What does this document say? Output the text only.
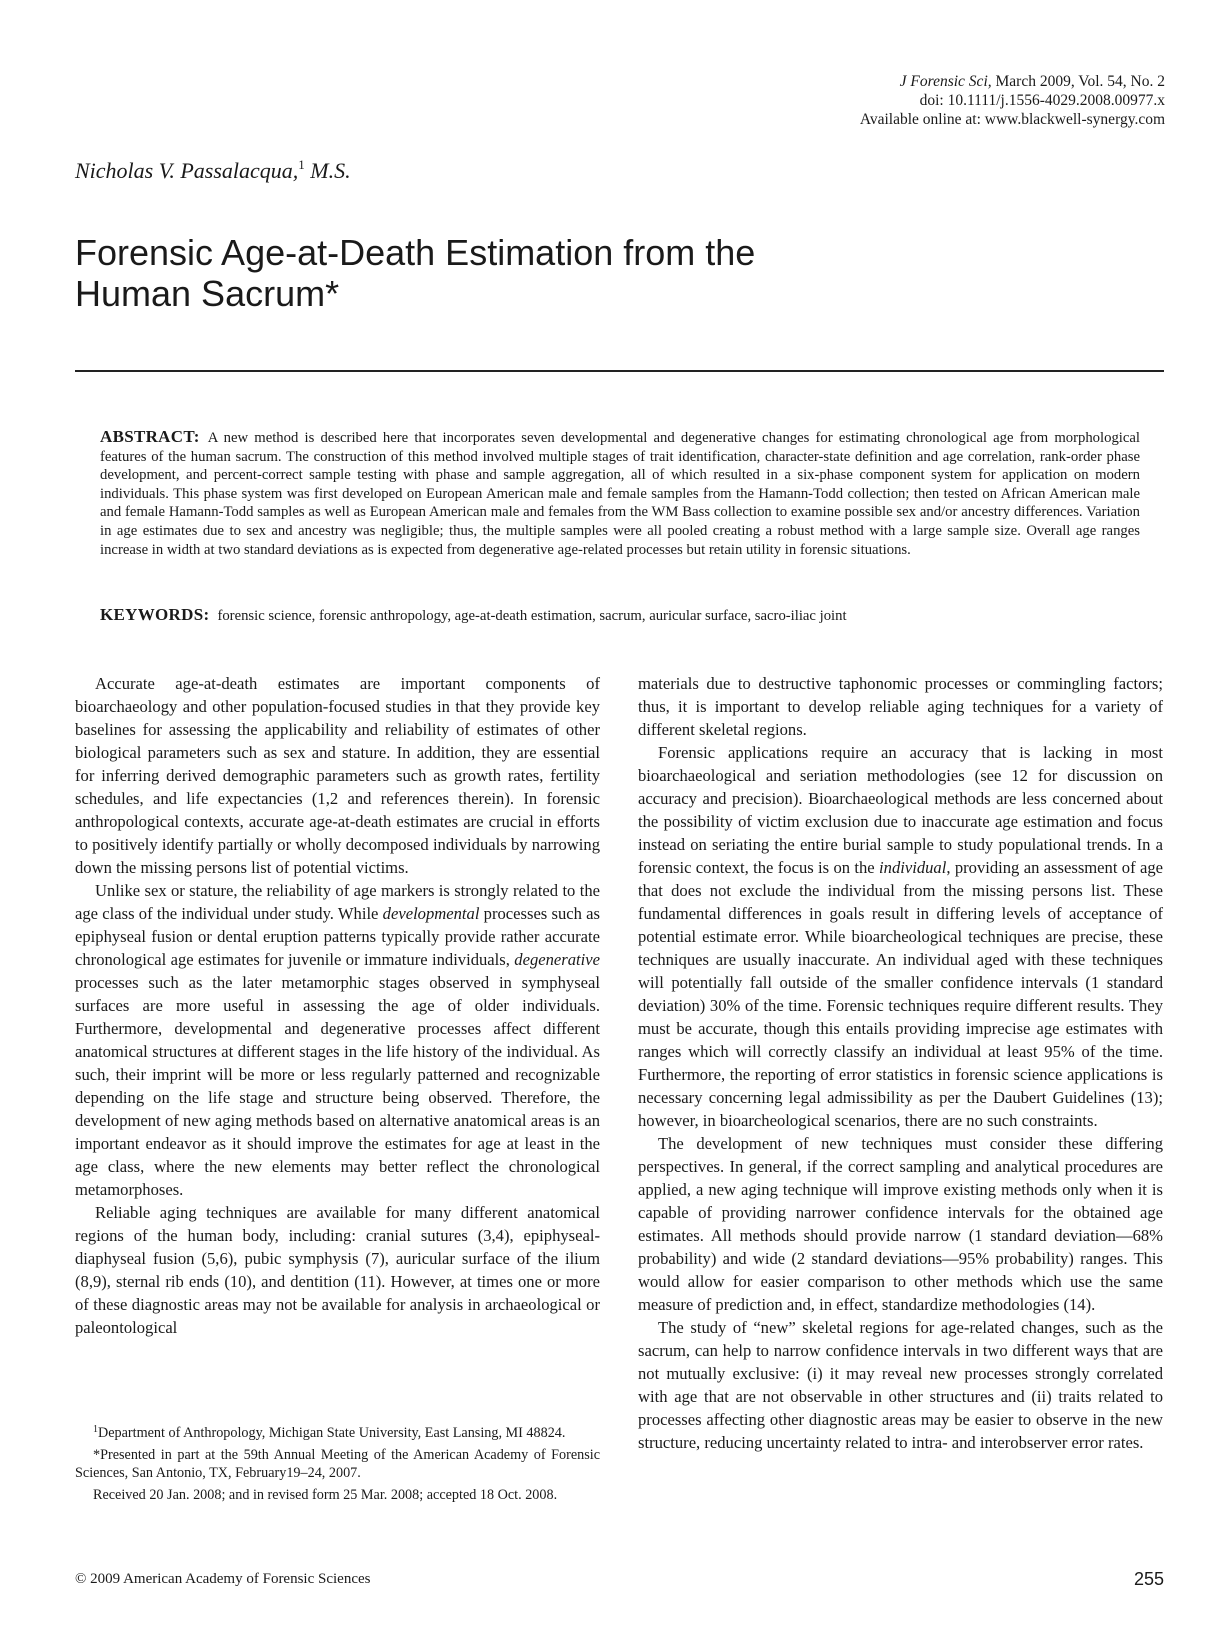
J Forensic Sci, March 2009, Vol. 54, No. 2
doi: 10.1111/j.1556-4029.2008.00977.x
Available online at: www.blackwell-synergy.com
Nicholas V. Passalacqua,$^1$ M.S.
Forensic Age-at-Death Estimation from the
Human Sacrum*

ABSTRACT: A new method is described here that incorporates seven developmental and degenerative changes for estimating chronological age from morphological features of the human sacrum. The construction of this method involved multiple stages of trait identification, character-state definition and age correlation, rank-order phase development, and percent-correct sample testing with phase and sample aggregation, all of which resulted in a six-phase component system for application on modern individuals. This phase system was first developed on European American male and female samples from the Hamann-Todd collection; then tested on African American male and female Hamann-Todd samples as well as European American male and females from the WM Bass collection to examine possible sex and/or ancestry differences. Variation in age estimates due to sex and ancestry was negligible; thus, the multiple samples were all pooled creating a robust method with a large sample size. Overall age ranges increase in width at two standard deviations as is expected from degenerative age-related processes but retain utility in forensic situations.

KEYWORDS: forensic science, forensic anthropology, age-at-death estimation, sacrum, auricular surface, sacro-iliac joint

Accurate age-at-death estimates are important components of bioarchaeology and other population-focused studies in that they provide key baselines for assessing the applicability and reliability of estimates of other biological parameters such as sex and stature. In addition, they are essential for inferring derived demographic parameters such as growth rates, fertility schedules, and life expectancies (1,2 and references therein). In forensic anthropological contexts, accurate age-at-death estimates are crucial in efforts to positively identify partially or wholly decomposed individuals by narrowing down the missing persons list of potential victims.

Unlike sex or stature, the reliability of age markers is strongly related to the age class of the individual under study. While developmental processes such as epiphyseal fusion or dental eruption patterns typically provide rather accurate chronological age estimates for juvenile or immature individuals, degenerative processes such as the later metamorphic stages observed in symphyseal surfaces are more useful in assessing the age of older individuals. Furthermore, developmental and degenerative processes affect different anatomical structures at different stages in the life history of the individual. As such, their imprint will be more or less regularly patterned and recognizable depending on the life stage and structure being observed. Therefore, the development of new aging methods based on alternative anatomical areas is an important endeavor as it should improve the estimates for age at least in the age class, where the new elements may better reflect the chronological metamorphoses.

Reliable aging techniques are available for many different anatomical regions of the human body, including: cranial sutures (3,4), epiphyseal-diaphyseal fusion (5,6), pubic symphysis (7), auricular surface of the ilium (8,9), sternal rib ends (10), and dentition (11). However, at times one or more of these diagnostic areas may not be available for analysis in archaeological or paleontological

materials due to destructive taphonomic processes or commingling factors; thus, it is important to develop reliable aging techniques for a variety of different skeletal regions.

Forensic applications require an accuracy that is lacking in most bioarchaeological and seriation methodologies (see 12 for discussion on accuracy and precision). Bioarchaeological methods are less concerned about the possibility of victim exclusion due to inaccurate age estimation and focus instead on seriating the entire burial sample to study populational trends. In a forensic context, the focus is on the individual, providing an assessment of age that does not exclude the individual from the missing persons list. These fundamental differences in goals result in differing levels of acceptance of potential estimate error. While bioarcheological techniques are precise, these techniques are usually inaccurate. An individual aged with these techniques will potentially fall outside of the smaller confidence intervals (1 standard deviation) 30% of the time. Forensic techniques require different results. They must be accurate, though this entails providing imprecise age estimates with ranges which will correctly classify an individual at least 95% of the time. Furthermore, the reporting of error statistics in forensic science applications is necessary concerning legal admissibility as per the Daubert Guidelines (13); however, in bioarcheological scenarios, there are no such constraints.

The development of new techniques must consider these differing perspectives. In general, if the correct sampling and analytical procedures are applied, a new aging technique will improve existing methods only when it is capable of providing narrower confidence intervals for the obtained age estimates. All methods should provide narrow (1 standard deviation—68% probability) and wide (2 standard deviations—95% probability) ranges. This would allow for easier comparison to other methods which use the same measure of prediction and, in effect, standardize methodologies (14).

The study of “new” skeletal regions for age-related changes, such as the sacrum, can help to narrow confidence intervals in two different ways that are not mutually exclusive: (i) it may reveal new processes strongly correlated with age that are not observable in other structures and (ii) traits related to processes affecting other diagnostic areas may be easier to observe in the new structure, reducing uncertainty related to intra- and interobserver error rates.

$^1$Department of Anthropology, Michigan State University, East Lansing, MI 48824.

*Presented in part at the 59th Annual Meeting of the American Academy of Forensic Sciences, San Antonio, TX, February19–24, 2007.

Received 20 Jan. 2008; and in revised form 25 Mar. 2008; accepted 18 Oct. 2008.

© 2009 American Academy of Forensic Sciences	255
